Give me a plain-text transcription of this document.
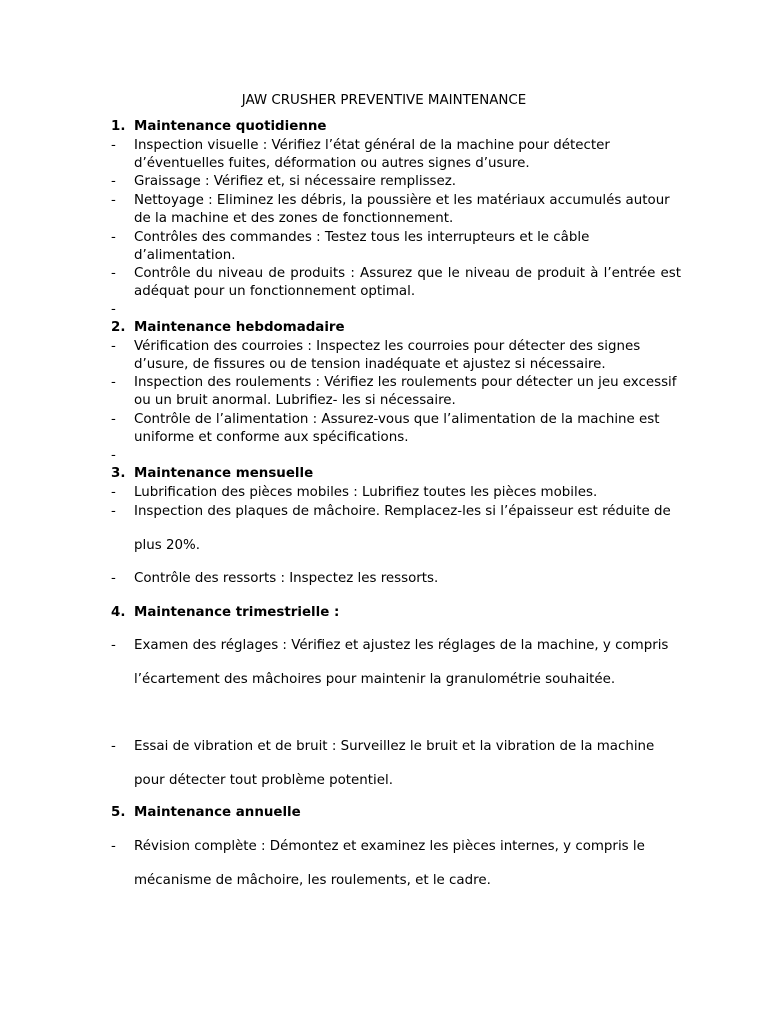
JAW CRUSHER PREVENTIVE MAINTENANCE
1. Maintenance quotidienne
- Inspection visuelle : Vérifiez l’état général de la machine pour détecter d’éventuelles fuites, déformation ou autres signes d’usure.
- Graissage : Vérifiez et, si nécessaire remplissez.
- Nettoyage : Eliminez les débris, la poussière et les matériaux accumulés autour de la machine et des zones de fonctionnement.
- Contrôles des commandes : Testez tous les interrupteurs et le câble d’alimentation.
- Contrôle du niveau de produits : Assurez que le niveau de produit à l’entrée est adéquat pour un fonctionnement optimal.
-
2. Maintenance hebdomadaire
- Vérification des courroies : Inspectez les courroies pour détecter des signes d’usure, de fissures ou de tension inadéquate et ajustez si nécessaire.
- Inspection des roulements : Vérifiez les roulements pour détecter un jeu excessif ou un bruit anormal. Lubrifiez- les si nécessaire.
- Contrôle de l’alimentation : Assurez-vous que l’alimentation de la machine est uniforme et conforme aux spécifications.
-
3. Maintenance mensuelle
- Lubrification des pièces mobiles : Lubrifiez toutes les pièces mobiles.
- Inspection des plaques de mâchoire. Remplacez-les si l’épaisseur est réduite de plus 20%.
- Contrôle des ressorts : Inspectez les ressorts.
4. Maintenance trimestrielle :
- Examen des réglages : Vérifiez et ajustez les réglages de la machine, y compris l’écartement des mâchoires pour maintenir la granulométrie souhaitée.
- Essai de vibration et de bruit : Surveillez le bruit et la vibration de la machine pour détecter tout problème potentiel.
5. Maintenance annuelle
- Révision complète : Démontez et examinez les pièces internes, y compris le mécanisme de mâchoire, les roulements, et le cadre.
